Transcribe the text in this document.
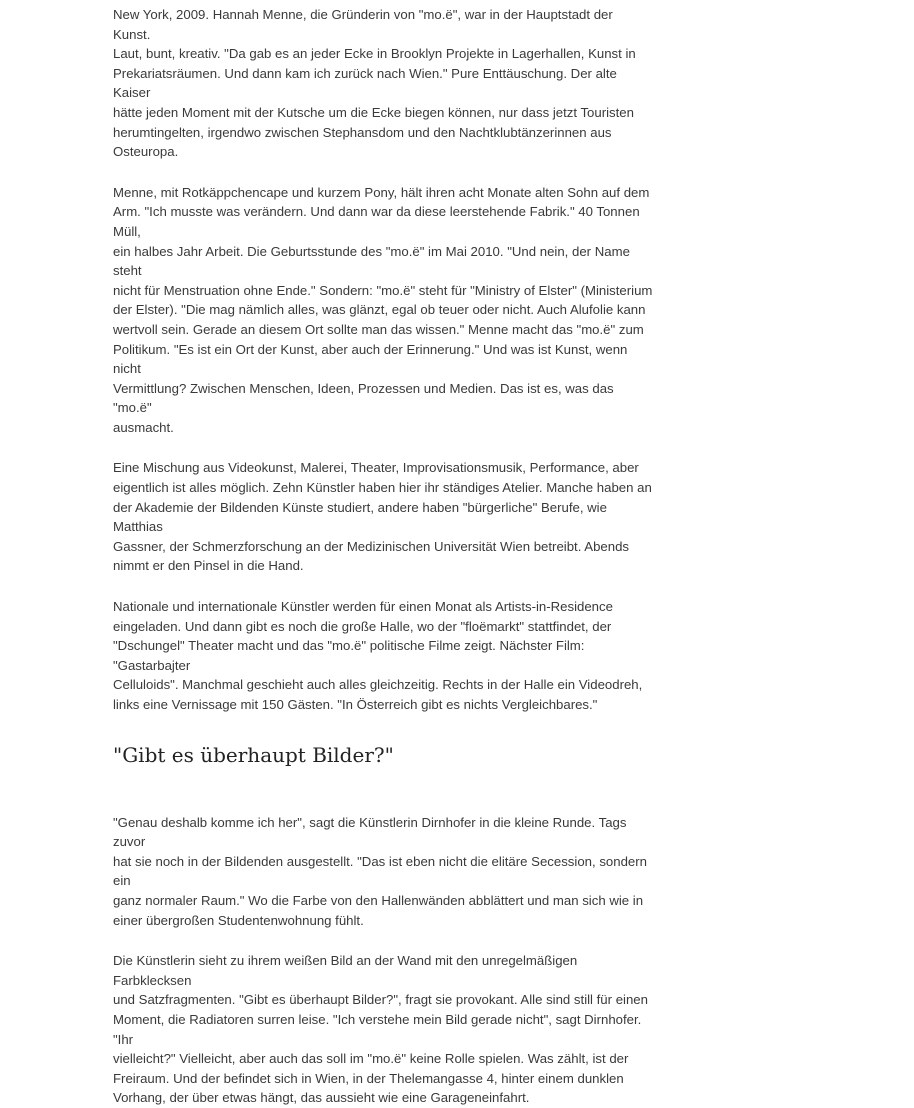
New York, 2009. Hannah Menne, die Gründerin von "mo.ë", war in der Hauptstadt der Kunst.
Laut, bunt, kreativ. "Da gab es an jeder Ecke in Brooklyn Projekte in Lagerhallen, Kunst in
Prekariatsräumen. Und dann kam ich zurück nach Wien." Pure Enttäuschung. Der alte Kaiser
hätte jeden Moment mit der Kutsche um die Ecke biegen können, nur dass jetzt Touristen
herumtingelten, irgendwo zwischen Stephansdom und den Nachtklubtänzerinnen aus
Osteuropa.

Menne, mit Rotkäppchencape und kurzem Pony, hält ihren acht Monate alten Sohn auf dem
Arm. "Ich musste was verändern. Und dann war da diese leerstehende Fabrik." 40 Tonnen Müll,
ein halbes Jahr Arbeit. Die Geburtsstunde des "mo.ë" im Mai 2010. "Und nein, der Name steht
nicht für Menstruation ohne Ende." Sondern: "mo.ë" steht für "Ministry of Elster" (Ministerium
der Elster). "Die mag nämlich alles, was glänzt, egal ob teuer oder nicht. Auch Alufolie kann
wertvoll sein. Gerade an diesem Ort sollte man das wissen." Menne macht das "mo.ë" zum
Politikum. "Es ist ein Ort der Kunst, aber auch der Erinnerung." Und was ist Kunst, wenn nicht
Vermittlung? Zwischen Menschen, Ideen, Prozessen und Medien. Das ist es, was das "mo.ë"
ausmacht.

Eine Mischung aus Videokunst, Malerei, Theater, Improvisationsmusik, Performance, aber
eigentlich ist alles möglich. Zehn Künstler haben hier ihr ständiges Atelier. Manche haben an
der Akademie der Bildenden Künste studiert, andere haben "bürgerliche" Berufe, wie Matthias
Gassner, der Schmerzforschung an der Medizinischen Universität Wien betreibt. Abends
nimmt er den Pinsel in die Hand.

Nationale und internationale Künstler werden für einen Monat als Artists-in-Residence
eingeladen. Und dann gibt es noch die große Halle, wo der "floëmarkt" stattfindet, der
"Dschungel" Theater macht und das "mo.ë" politische Filme zeigt. Nächster Film: "Gastarbajter
Celluloids". Manchmal geschieht auch alles gleichzeitig. Rechts in der Halle ein Videodreh,
links eine Vernissage mit 150 Gästen. "In Österreich gibt es nichts Vergleichbares."

"Gibt es überhaupt Bilder?"

"Genau deshalb komme ich her", sagt die Künstlerin Dirnhofer in die kleine Runde. Tags zuvor
hat sie noch in der Bildenden ausgestellt. "Das ist eben nicht die elitäre Secession, sondern ein
ganz normaler Raum." Wo die Farbe von den Hallenwänden abblättert und man sich wie in
einer übergroßen Studentenwohnung fühlt.

Die Künstlerin sieht zu ihrem weißen Bild an der Wand mit den unregelmäßigen Farbklecksen
und Satzfragmenten. "Gibt es überhaupt Bilder?", fragt sie provokant. Alle sind still für einen
Moment, die Radiatoren surren leise. "Ich verstehe mein Bild gerade nicht", sagt Dirnhofer. "Ihr
vielleicht?" Vielleicht, aber auch das soll im "mo.ë" keine Rolle spielen. Was zählt, ist der
Freiraum. Und der befindet sich in Wien, in der Thelemangasse 4, hinter einem dunklen
Vorhang, der über etwas hängt, das aussieht wie eine Garageneinfahrt.
